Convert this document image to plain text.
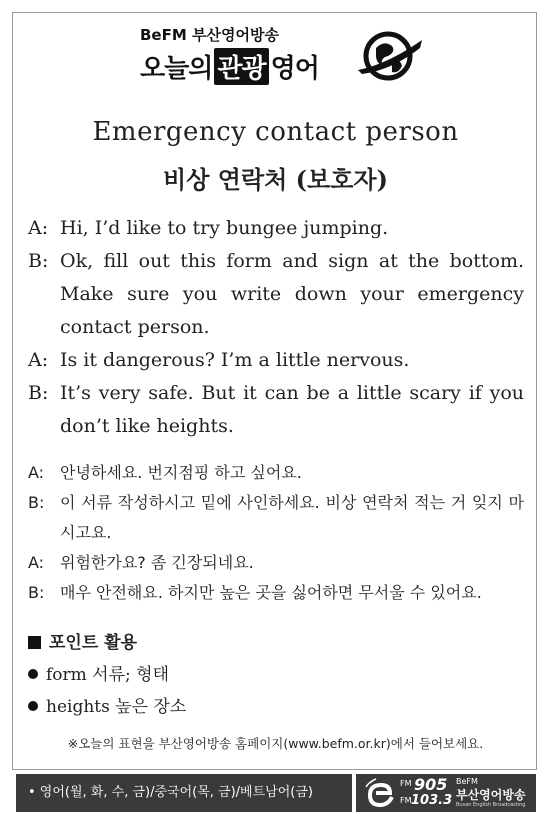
BeFM 부산영어방송
오늘의 관광 영어
Emergency contact person
비상 연락처 (보호자)
A: Hi, I’d like to try bungee jumping.
B: Ok, fill out this form and sign at the bottom. Make sure you write down your emergency contact person.
A: Is it dangerous? I’m a little nervous.
B: It’s very safe. But it can be a little scary if you don’t like heights.
A: 안녕하세요. 번지점핑 하고 싶어요.
B: 이 서류 작성하시고 밑에 사인하세요. 비상 연락처 적는 거 잊지 마시고요.
A: 위험한가요? 좀 긴장되네요.
B: 매우 안전해요. 하지만 높은 곳을 싫어하면 무서울 수 있어요.
포인트 활용
form 서류; 형태
heights 높은 장소
※오늘의 표현을 부산영어방송 홈페이지(www.befm.or.kr)에서 들어보세요.
• 영어(월, 화, 수, 금)/중국어(목, 금)/베트남어(금)
FM 905
FM 103.3
BeFM
부산영어방송
Busan English Broadcasting
